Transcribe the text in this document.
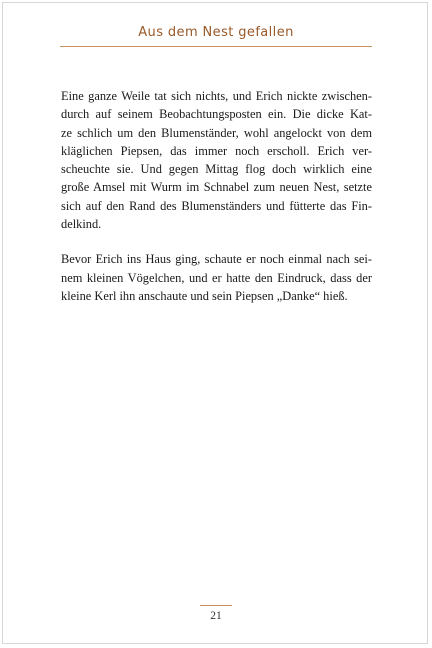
Aus dem Nest gefallen
Eine ganze Weile tat sich nichts, und Erich nickte zwischen-
durch auf seinem Beobachtungsposten ein. Die dicke Kat-
ze schlich um den Blumenständer, wohl angelockt von dem
kläglichen Piepsen, das immer noch erscholl. Erich ver-
scheuchte sie. Und gegen Mittag flog doch wirklich eine
große Amsel mit Wurm im Schnabel zum neuen Nest, setzte
sich auf den Rand des Blumenständers und fütterte das Fin-
delkind.
Bevor Erich ins Haus ging, schaute er noch einmal nach sei-
nem kleinen Vögelchen, und er hatte den Eindruck, dass der
kleine Kerl ihn anschaute und sein Piepsen „Danke“ hieß.
21
